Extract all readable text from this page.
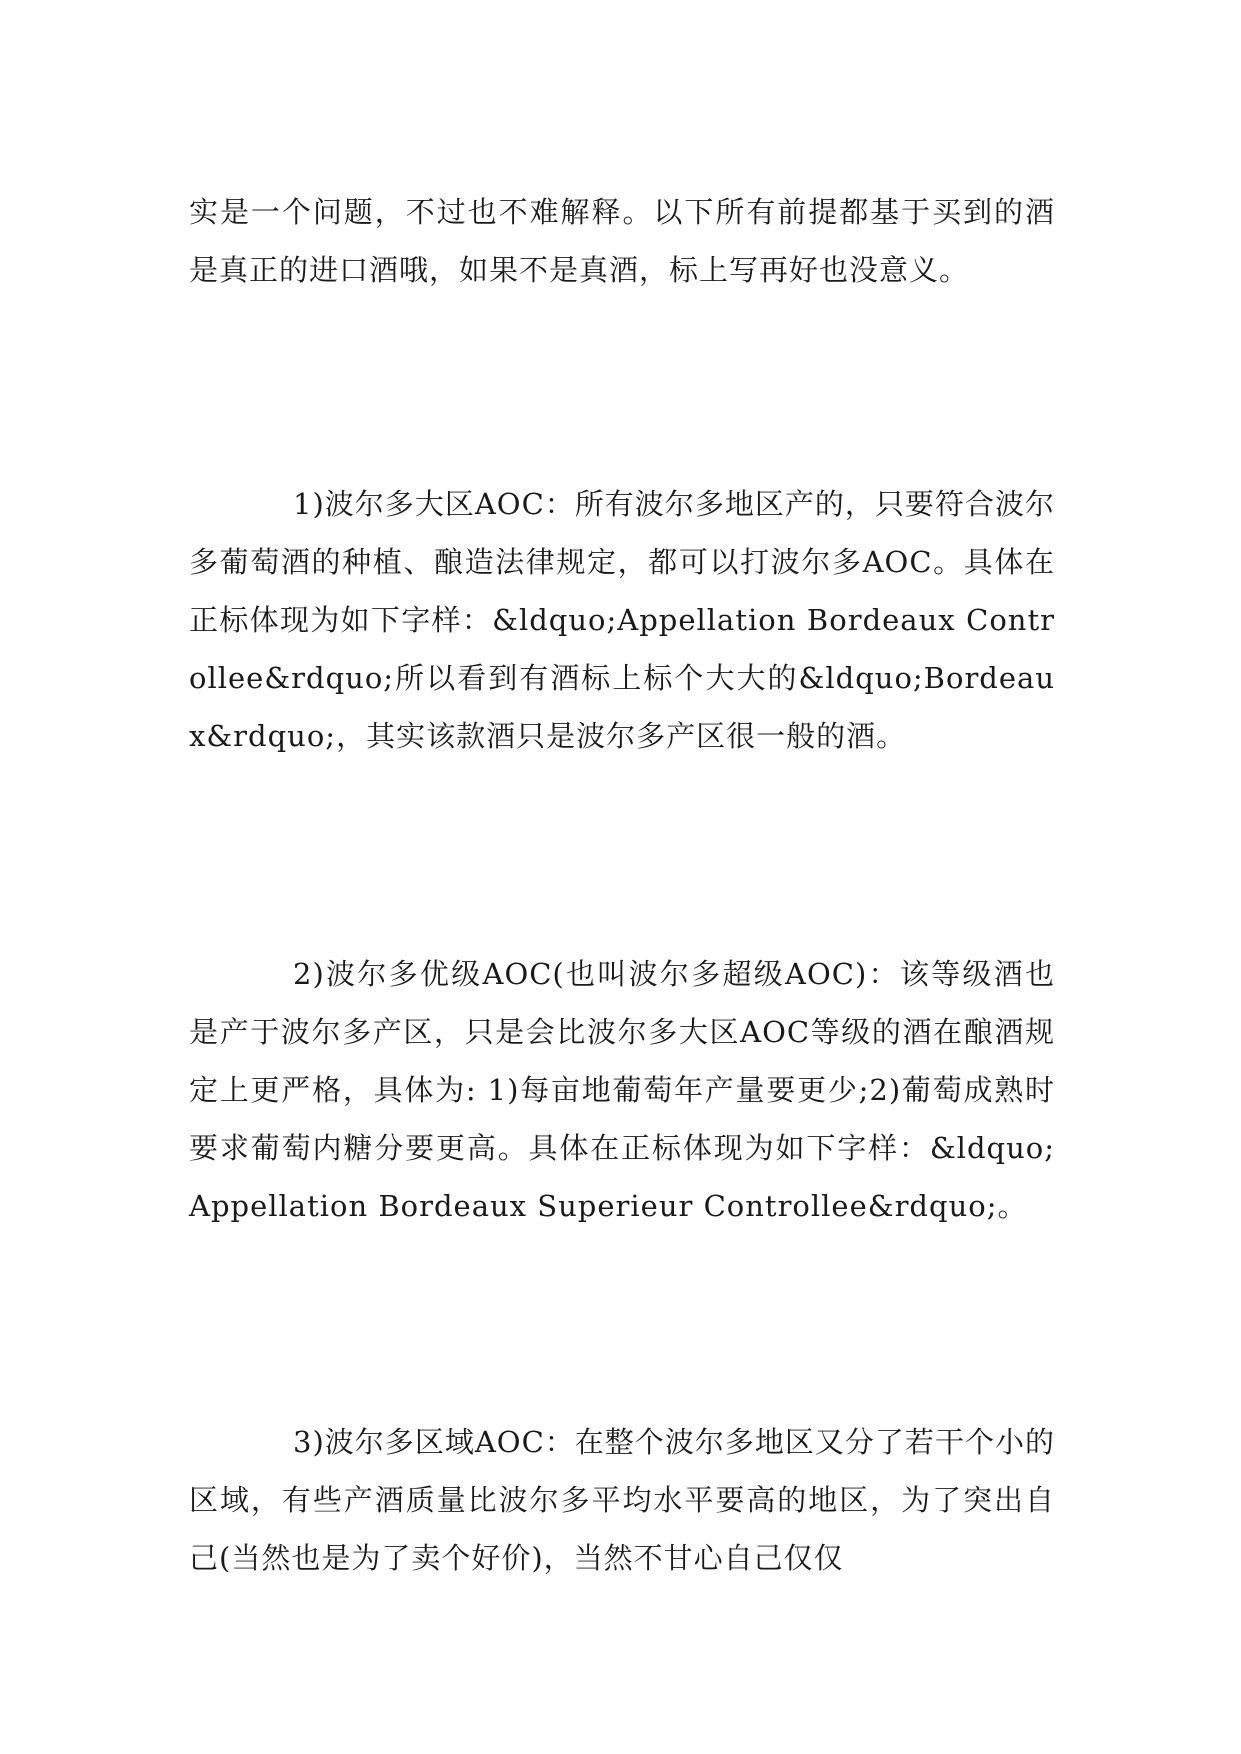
实是一个问题，不过也不难解释。以下所有前提都基于买到的酒是真正的进口酒哦，如果不是真酒，标上写再好也没意义。

1)波尔多大区AOC：所有波尔多地区产的，只要符合波尔多葡萄酒的种植、酿造法律规定，都可以打波尔多AOC。具体在正标体现为如下字样：&ldquo;Appellation Bordeaux Controllee&rdquo;所以看到有酒标上标个大大的&ldquo;Bordeaux&rdquo;，其实该款酒只是波尔多产区很一般的酒。

2)波尔多优级AOC(也叫波尔多超级AOC)：该等级酒也是产于波尔多产区，只是会比波尔多大区AOC等级的酒在酿酒规定上更严格，具体为: 1)每亩地葡萄年产量要更少;2)葡萄成熟时要求葡萄内糖分要更高。具体在正标体现为如下字样：&ldquo;Appellation Bordeaux Superieur Controllee&rdquo;。

3)波尔多区域AOC：在整个波尔多地区又分了若干个小的区域，有些产酒质量比波尔多平均水平要高的地区，为了突出自己(当然也是为了卖个好价)，当然不甘心自己仅仅
